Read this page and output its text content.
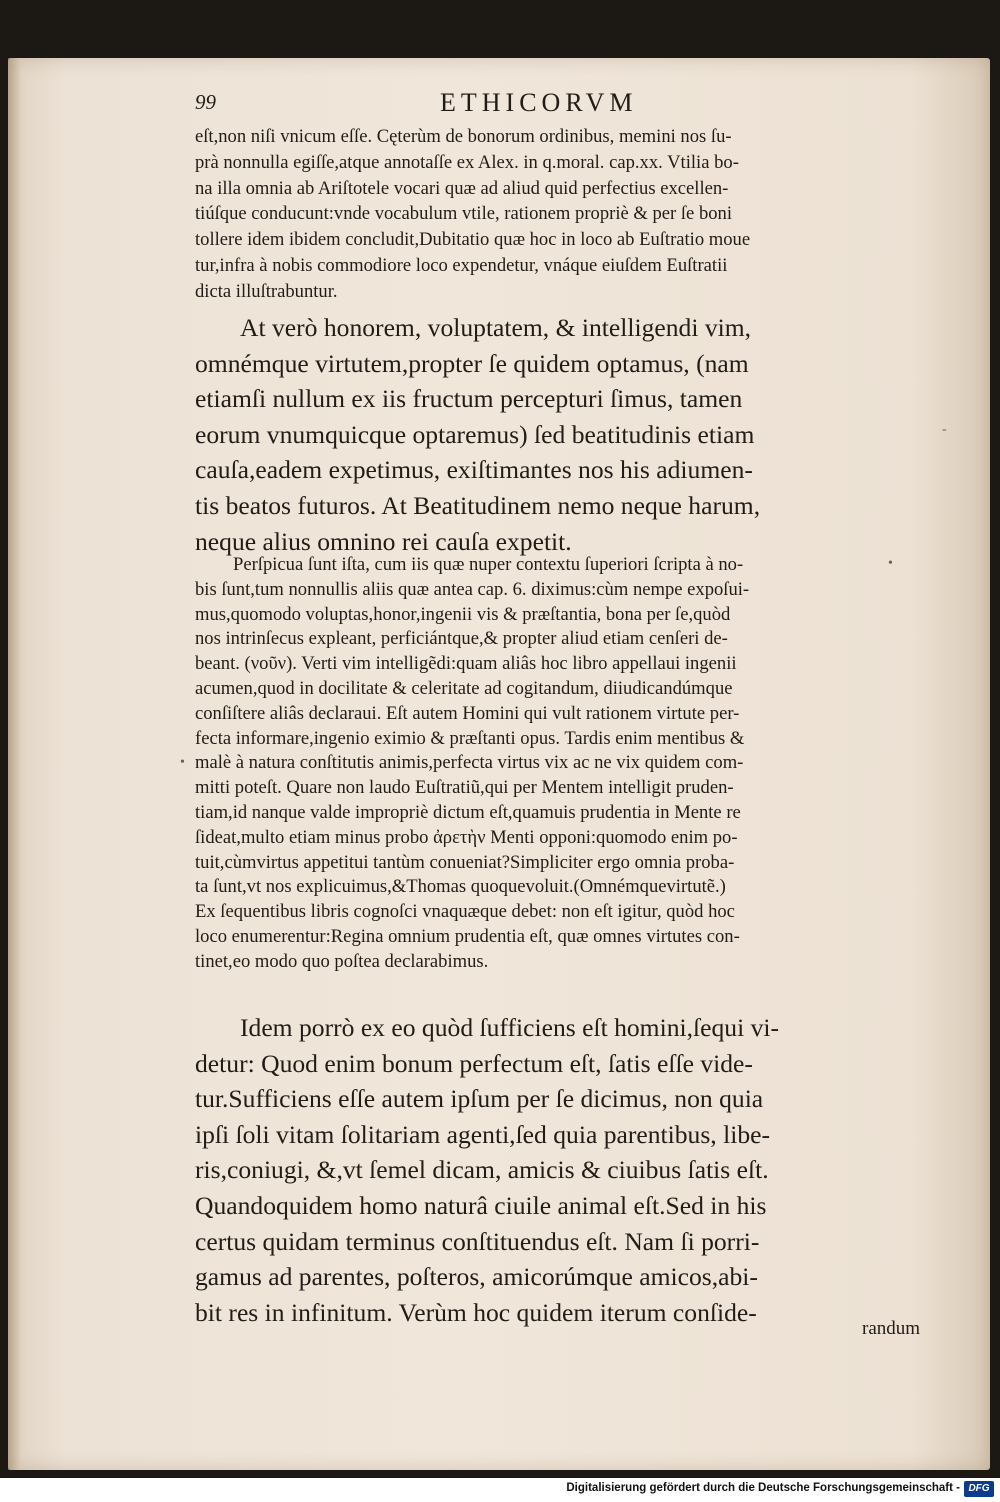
99	ETHICORVM
eſt,non niſi vnicum eſſe. Cęterùm de bonorum ordinibus, memini nos ſu-
prà nonnulla egiſſe,atque annotaſſe ex Alex. in q.moral. cap.xx. Vtilia bo-
na illa omnia ab Ariſtotele vocari quæ ad aliud quid perfectius excellen-
tiúſque conducunt:vnde vocabulum vtile, rationem propriè & per ſe boni
tollere idem ibidem concludit,Dubitatio quæ hoc in loco ab Euſtratio moue
tur,infra à nobis commodiore loco expendetur, vnáque eiuſdem Euſtratii
dicta illuſtrabuntur.
At verò honorem, voluptatem, & intelligendi vim,
omnémque virtutem,propter ſe quidem optamus, (nam
etiamſi nullum ex iis fructum percepturi ſimus, tamen
eorum vnumquicque optaremus) ſed beatitudinis etiam
cauſa,eadem expetimus, exiſtimantes nos his adiumen-
tis beatos futuros. At Beatitudinem nemo neque harum,
neque alius omnino rei cauſa expetit.
Perſpicua ſunt iſta, cum iis quæ nuper contextu ſuperiori ſcripta à no-
bis ſunt,tum nonnullis aliis quæ antea cap. 6. diximus:cùm nempe expoſui-
mus,quomodo voluptas,honor,ingenii vis & præſtantia, bona per ſe,quòd
nos intrinſecus expleant, perficiántque,& propter aliud etiam cenſeri de-
beant. (νοῦν). Verti vim intelligẽdi:quam aliâs hoc libro appellaui ingenii
acumen,quod in docilitate & celeritate ad cogitandum, diiudicandúmque
conſiſtere aliâs declaraui. Eſt autem Homini qui vult rationem virtute per-
fecta informare,ingenio eximio & præſtanti opus. Tardis enim mentibus &
malè à natura conſtitutis animis,perfecta virtus vix ac ne vix quidem com-
mitti poteſt. Quare non laudo Euſtratiũ,qui per Mentem intelligit pruden-
tiam,id nanque valde impropriè dictum eſt,quamuis prudentia in Mente re
ſideat,multo etiam minus probo ἀρετὴν Menti opponi:quomodo enim po-
tuit,cùmvirtus appetitui tantùm conueniat?Simpliciter ergo omnia proba-
ta ſunt,vt nos explicuimus,&Thomas quoquevoluit.(Omnémquevirtutẽ.)
Ex ſequentibus libris cognoſci vnaquæque debet: non eſt igitur, quòd hoc
loco enumerentur:Regina omnium prudentia eſt, quæ omnes virtutes con-
tinet,eo modo quo poſtea declarabimus.
Idem porrò ex eo quòd ſufficiens eſt homini,ſequi vi-
detur: Quod enim bonum perfectum eſt, ſatis eſſe vide-
tur.Sufficiens eſſe autem ipſum per ſe dicimus, non quia
ipſi ſoli vitam ſolitariam agenti,ſed quia parentibus, libe-
ris,coniugi, &,vt ſemel dicam, amicis & ciuibus ſatis eſt.
Quandoquidem homo naturâ ciuile animal eſt.Sed in his
certus quidam terminus conſtituendus eſt. Nam ſi porri-
gamus ad parentes, poſteros, amicorúmque amicos,abi-
bit res in infinitum. Verùm hoc quidem iterum conſide-
randum
•
•
-
Digitalisierung gefördert durch die Deutsche Forschungsgemeinschaft - DFG
